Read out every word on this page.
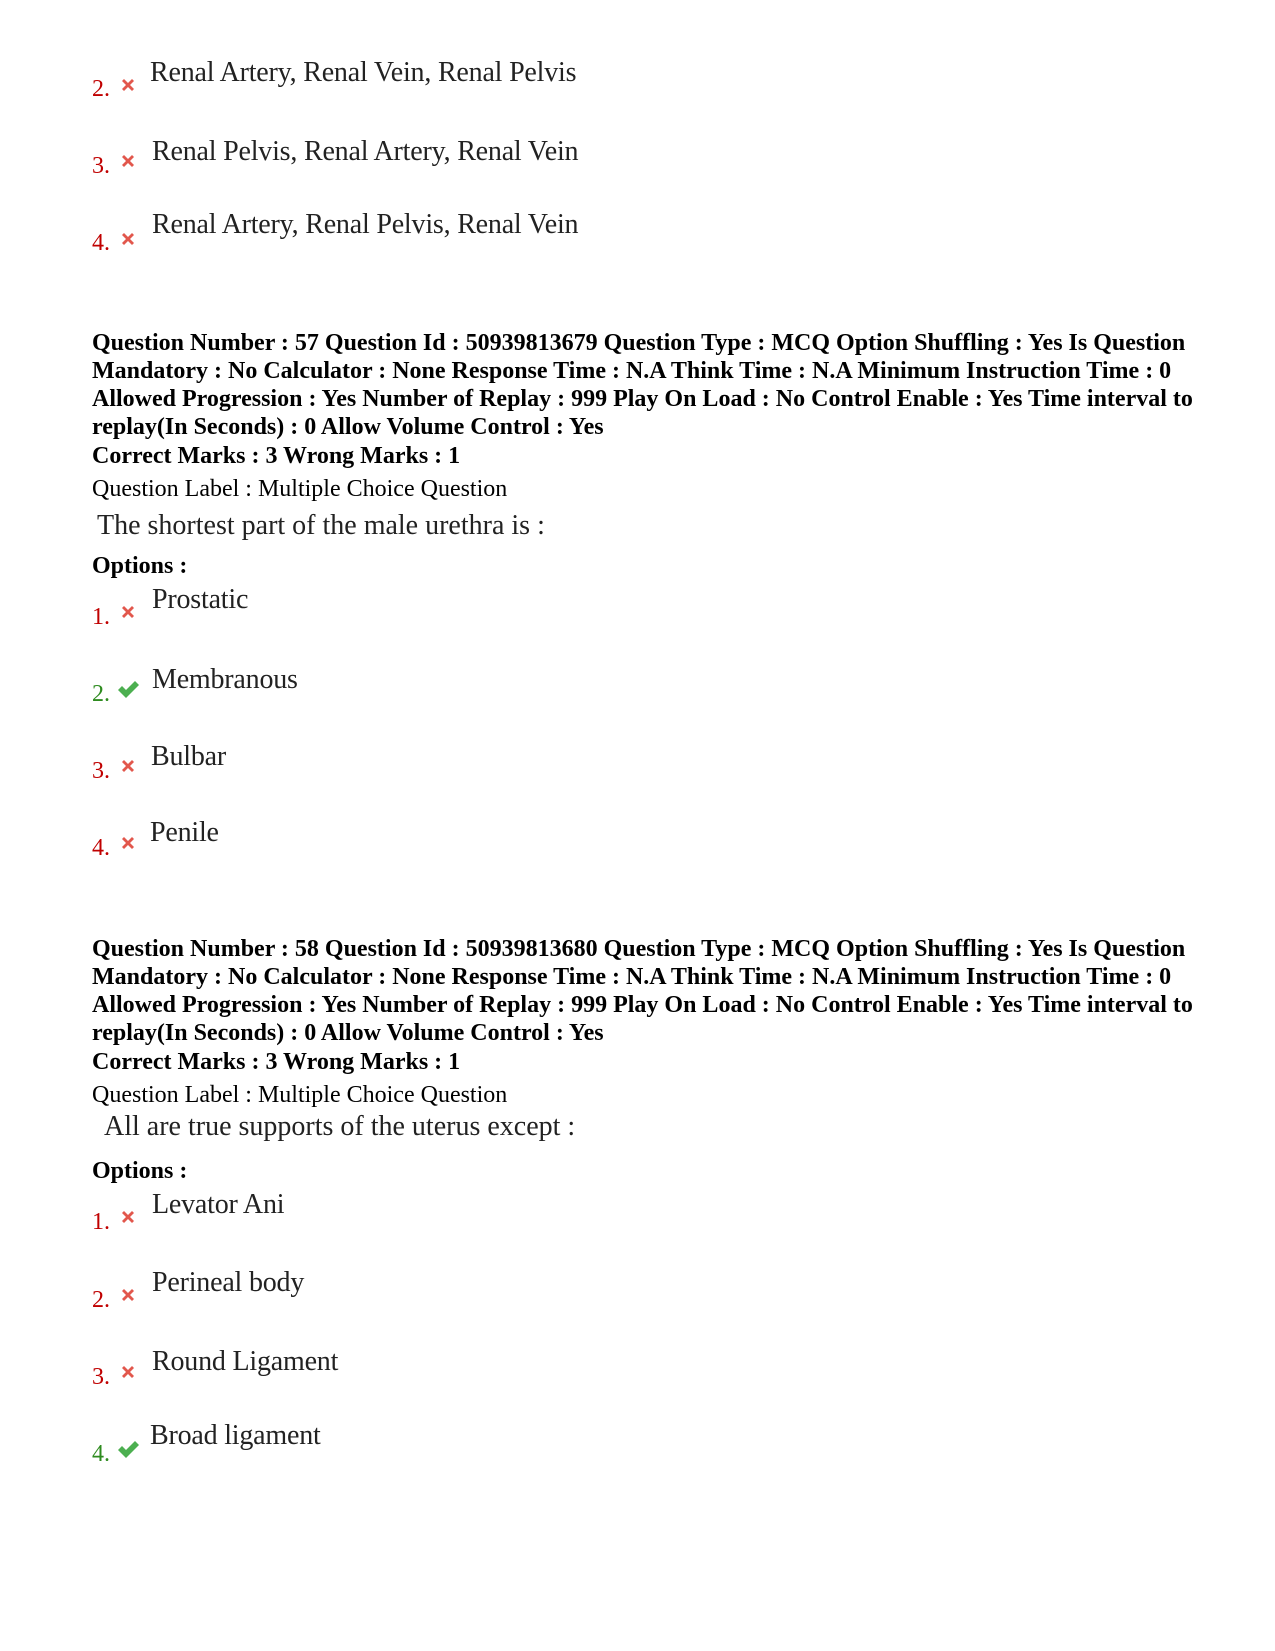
2.
Renal Artery, Renal Vein, Renal Pelvis
3. Renal Pelvis, Renal Artery, Renal Vein
4.
Renal Artery, Renal Pelvis, Renal Vein
Question Number : 57 Question Id : 50939813679 Question Type : MCQ Option Shuffling : Yes Is Question Mandatory : No Calculator : None Response Time : N.A Think Time : N.A Minimum Instruction Time : 0 Allowed Progression : Yes Number of Replay : 999 Play On Load : No Control Enable : Yes Time interval to replay(In Seconds) : 0 Allow Volume Control : Yes
Correct Marks : 3 Wrong Marks : 1
Question Label : Multiple Choice Question
The shortest part of the male urethra is :
Options :
1.
Prostatic
2. Membranous
3. Bulbar
4. Penile
Question Number : 58 Question Id : 50939813680 Question Type : MCQ Option Shuffling : Yes Is Question Mandatory : No Calculator : None Response Time : N.A Think Time : N.A Minimum Instruction Time : 0 Allowed Progression : Yes Number of Replay : 999 Play On Load : No Control Enable : Yes Time interval to replay(In Seconds) : 0 Allow Volume Control : Yes
Correct Marks : 3 Wrong Marks : 1
Question Label : Multiple Choice Question
All are true supports of the uterus except :
Options :
1.
Levator Ani
2.
Perineal body
3. Round Ligament
4.
Broad ligament
